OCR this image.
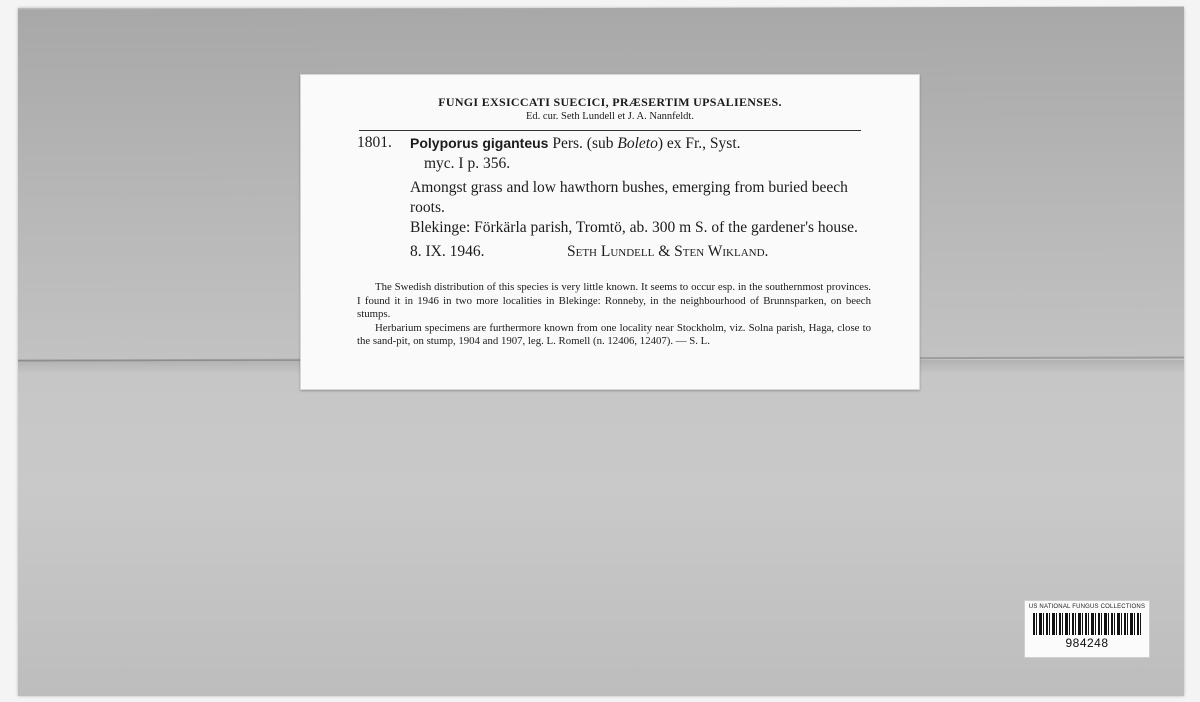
FUNGI EXSICCATI SUECICI, PRÆSERTIM UPSALIENSES.
Ed. cur. Seth Lundell et J. A. Nannfeldt.
1801. Polyporus giganteus Pers. (sub Boleto) ex Fr., Syst.
myc. I p. 356.
Amongst grass and low hawthorn bushes, emerging from buried beech roots.
Blekinge: Förkärla parish, Tromtö, ab. 300 m S. of the gardener's house.
8. IX. 1946.	Seth Lundell & Sten Wikland.

The Swedish distribution of this species is very little known. It seems to occur esp. in the southernmost provinces. I found it in 1946 in two more localities in Blekinge: Ronneby, in the neighbourhood of Brunnsparken, on beech stumps.

Herbarium specimens are furthermore known from one locality near Stockholm, viz. Solna parish, Haga, close to the sand-pit, on stump, 1904 and 1907, leg. L. Romell (n. 12406, 12407). — S. L.

US NATIONAL FUNGUS COLLECTIONS
984248
